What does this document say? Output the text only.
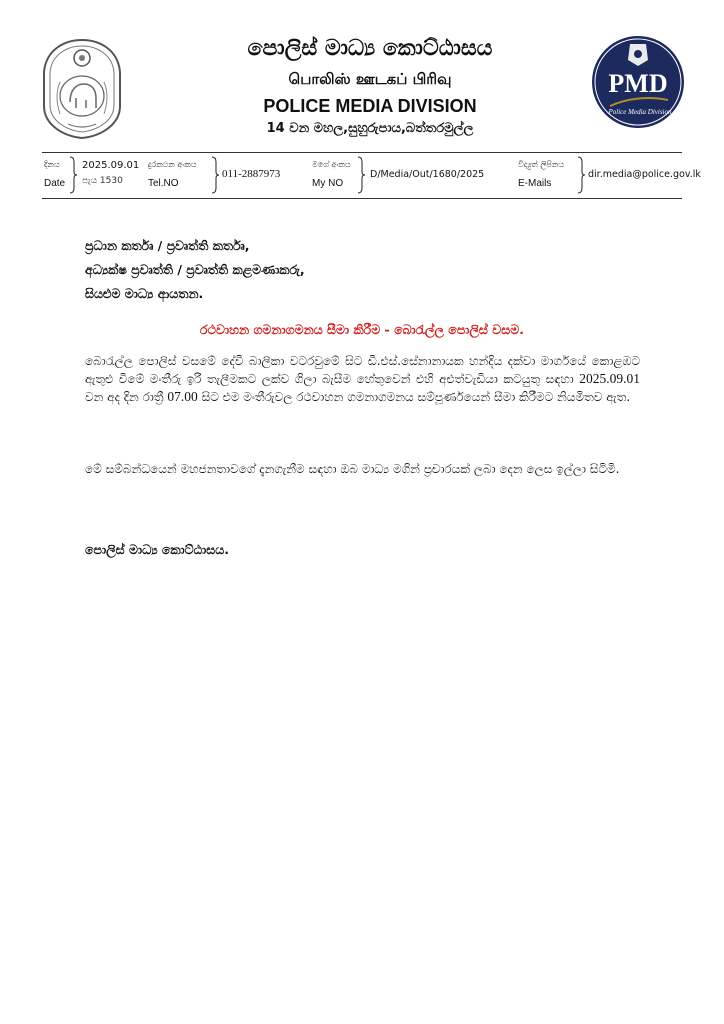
PMD
Police Media Division
පොලිස් මාධ්‍ය කොට්ඨාසය
பொலிஸ் ஊடகப் பிரிவு
POLICE MEDIA DIVISION
14 වන මහල,සුහුරුපාය,බත්තරමුල්ල
දිනය
Date
2025.09.01
පැය 1530
දුරකථන අංකය
Tel.NO
011-2887973
මගේ අංකය
My NO
D/Media/Out/1680/2025
විද්‍යුත් ලිපිනය
E-Mails
dir.media@police.gov.lk
ප්‍රධාන කර්තෘ / ප්‍රවෘත්ති කර්තෘ,
අධ්‍යක්ෂ ප්‍රවෘත්ති / ප්‍රවෘත්ති කළමණාකරු,
සියළුම මාධ්‍ය ආයතන.
රථවාහන ගමනාගමනය සීමා කිරීම - බොරැල්ල පොලිස් වසම.
බොරැල්ල පොලිස් වසමේ දේවී බාලිකා වටරවුමේ සිට ඩී.එස්.සේනානායක හන්දිය දක්වා මාර්ගයේ කොළඹට ඇතුළු වීමේ මංතීරු ඉරි තැලීමකට ලක්ව ගිලා බැසීම හේතුවෙන් එහි අළුත්වැඩියා කටයුතු සඳහා 2025.09.01 වන අද දින රාත්‍රී 07.00 සිට එම මංතීරුවල රථවාහන ගමනාගමනය සම්පූර්ණයෙන් සීමා කිරීමට නියමිතව ඇත.
මේ සම්බන්ධයෙන් මහජනතාවගේ දැනගැනීම සඳහා ඔබ මාධ්‍ය මගින් ප්‍රචාරයක් ලබා දෙන ලෙස ඉල්ලා සිටිමි.
පොලිස් මාධ්‍ය කොට්ඨාසය.
